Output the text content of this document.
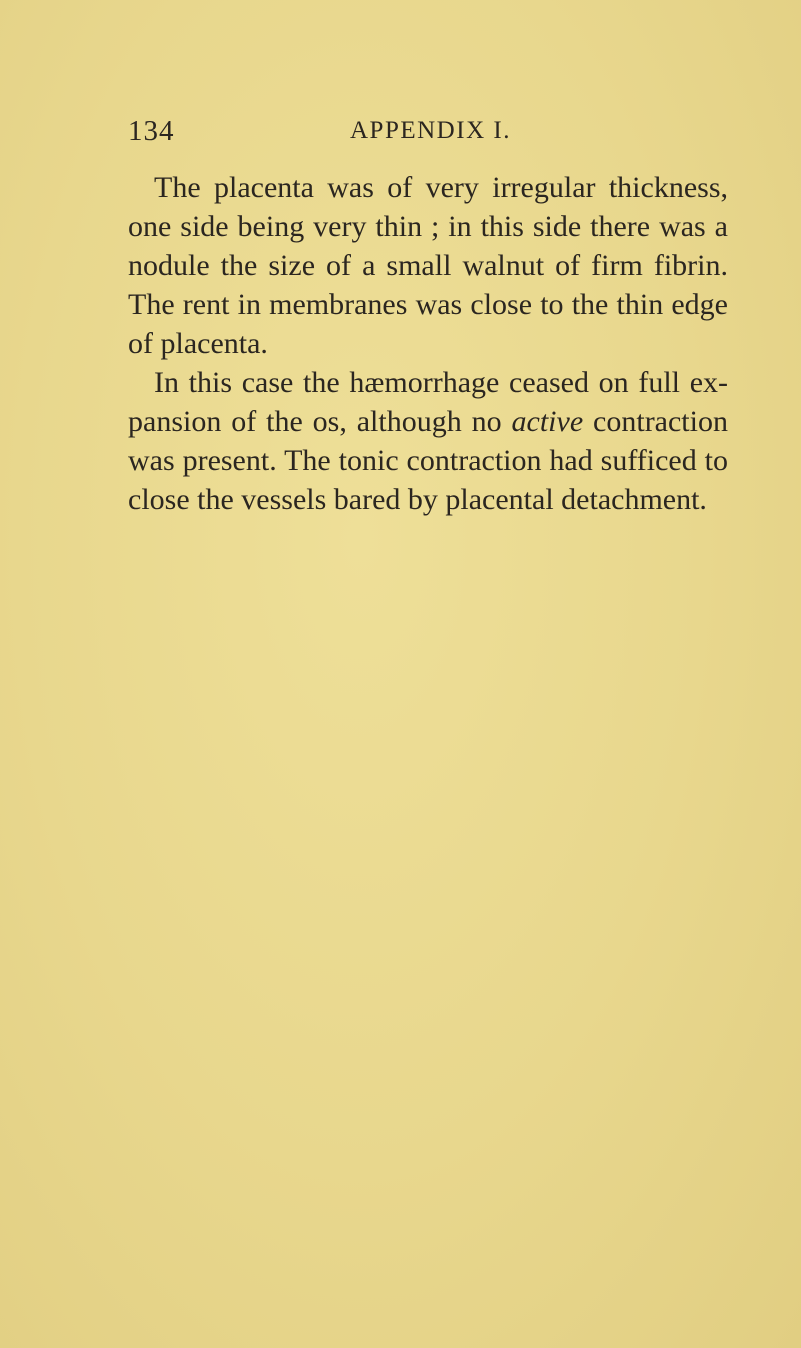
134	APPENDIX I.
The placenta was of very irregular thickness,
one side being very thin ; in this side there was a
nodule the size of a small walnut of firm fibrin.
The rent in membranes was close to the thin edge
of placenta.
In this case the hæmorrhage ceased on full ex-
pansion of the os, although no active contraction
was present. The tonic contraction had sufficed to
close the vessels bared by placental detachment.
